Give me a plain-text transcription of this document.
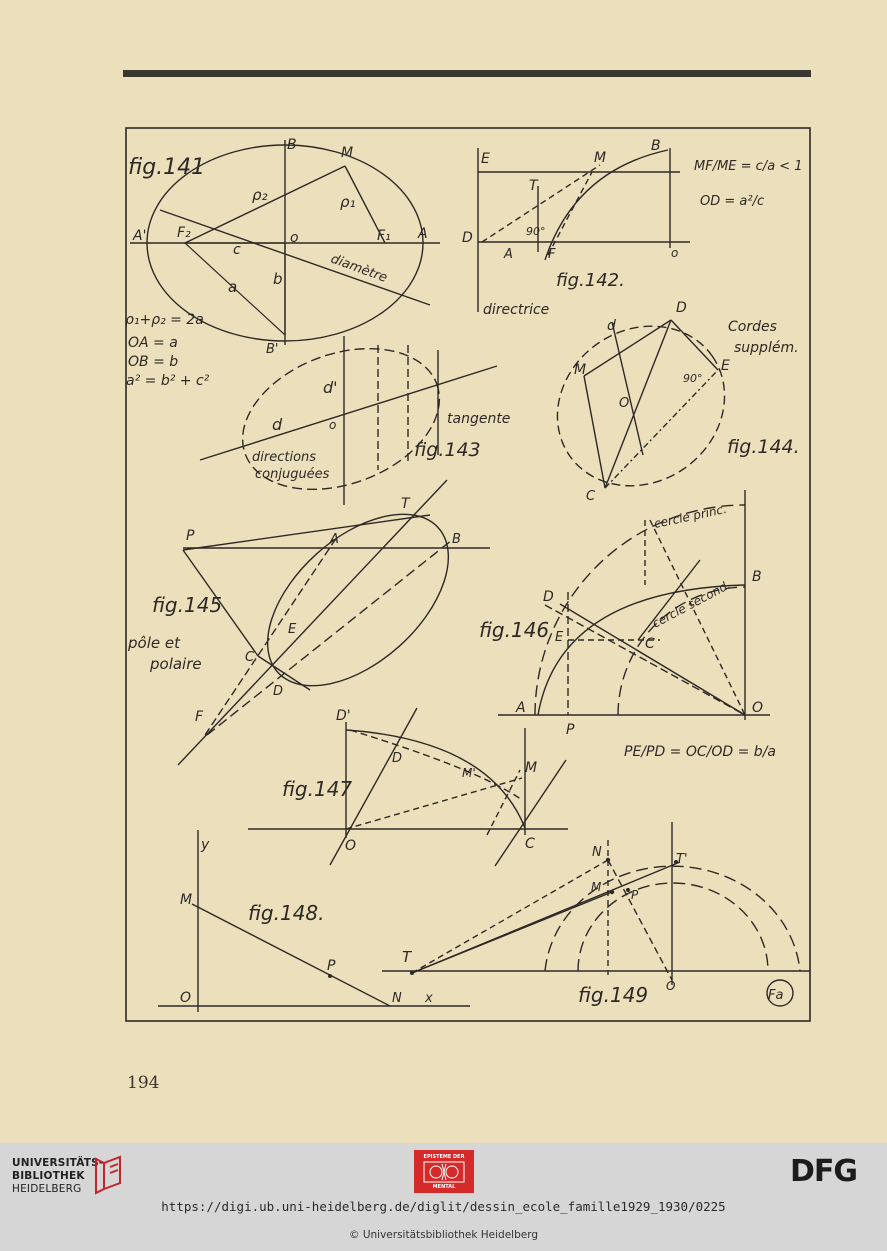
fig.141
B	M
A' F₂	o	F₁ A
ρ₂	ρ₁
c
a b	diamètre
B'
ρ₁+ρ₂ = 2a
OA = a
OB = b
a² = b² + c²
E	M
B
T
D
A	F	o
90°
fig.142.
directrice
MF/ME = c/a < 1
OD = a²/c
d'
d	o	tangente
directions
conjuguées
fig.143
d
D
M
O
E
C
90°
Cordes
supplém.
fig.144.
P
T
A	B
E
C
D
F
fig.145
pôle et
polaire
cercle princ.
cercle second.
B
D
E	C
A
P
O
fig.146
PE/PD = OC/OD = b/a
D'
D
M'	M
O	C
fig.147
y
M
fig.148.
P
O	N x
N
M
P
T'
T
O
fig.149	Fa
194
UNIVERSITÄTS-
BIBLIOTHEK
HEIDELBERG
EPISTEME DER
MENTAL	DFG
https://digi.ub.uni-heidelberg.de/diglit/dessin_ecole_famille1929_1930/0225
© Universitätsbibliothek Heidelberg
